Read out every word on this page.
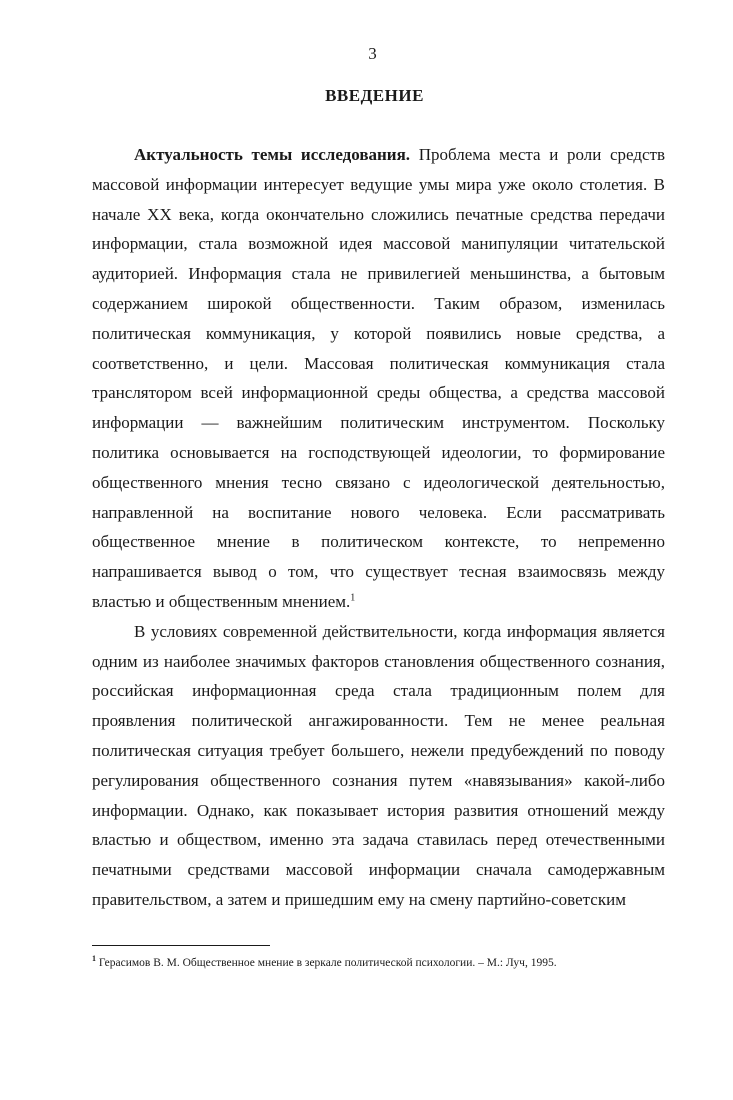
3
ВВЕДЕНИЕ

Актуальность темы исследования. Проблема места и роли средств массовой информации интересует ведущие умы мира уже около столетия. В начале XX века, когда окончательно сложились печатные средства передачи информации, стала возможной идея массовой манипуляции читательской аудиторией. Информация стала не привилегией меньшинства, а бытовым содержанием широкой общественности. Таким образом, изменилась политическая коммуникация, у которой появились новые средства, а соответственно, и цели. Массовая политическая коммуникация стала транслятором всей информационной среды общества, а средства массовой информации — важнейшим политическим инструментом. Поскольку политика основывается на господствующей идеологии, то формирование общественного мнения тесно связано с идеологической деятельностью, направленной на воспитание нового человека. Если рассматривать общественное мнение в политическом контексте, то непременно напрашивается вывод о том, что существует тесная взаимосвязь между властью и общественным мнением.$^1$

В условиях современной действительности, когда информация является одним из наиболее значимых факторов становления общественного сознания, российская информационная среда стала традиционным полем для проявления политической ангажированности. Тем не менее реальная политическая ситуация требует большего, нежели предубеждений по поводу регулирования общественного сознания путем «навязывания» какой-либо информации. Однако, как показывает история развития отношений между властью и обществом, именно эта задача ставилась перед отечественными печатными средствами массовой информации сначала самодержавным правительством, а затем и пришедшим ему на смену партийно-советским

$^1$ Герасимов В. М. Общественное мнение в зеркале политической психологии. – М.: Луч, 1995.
